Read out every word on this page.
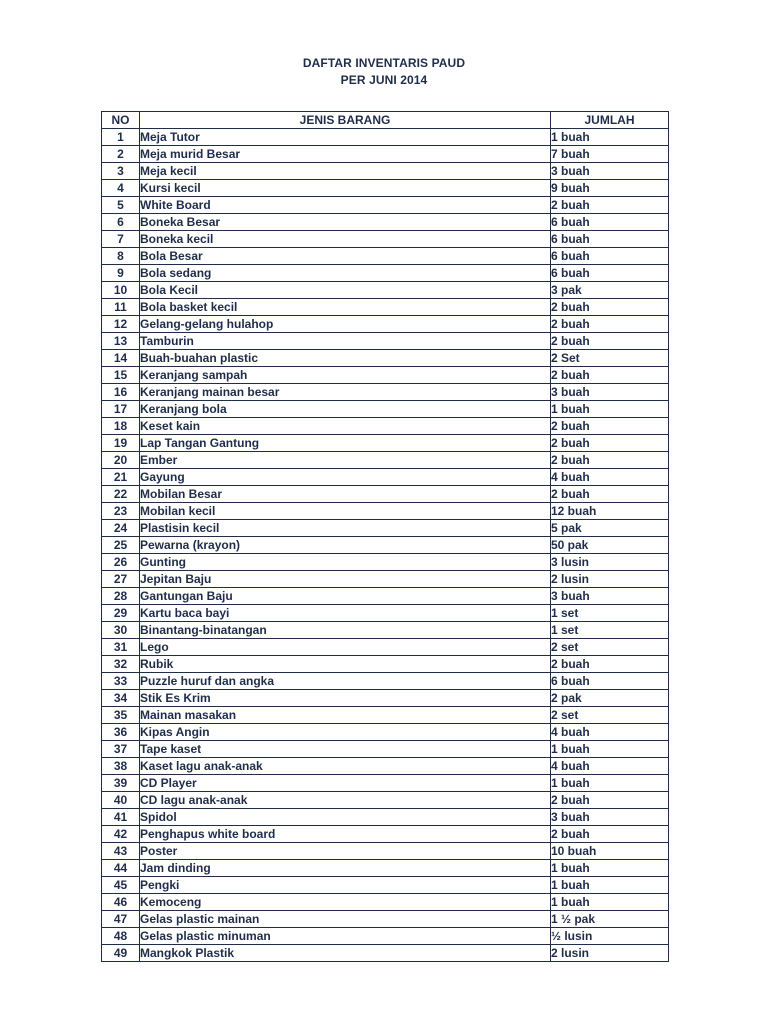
DAFTAR INVENTARIS PAUD
PER JUNI 2014
NO	JENIS BARANG	JUMLAH
1	Meja Tutor	1 buah
2	Meja murid Besar	7 buah
3	Meja kecil	3 buah
4	Kursi kecil	9 buah
5	White Board	2 buah
6	Boneka Besar	6 buah
7	Boneka kecil	6 buah
8	Bola Besar	6 buah
9	Bola sedang	6 buah
10	Bola Kecil	3 pak
11	Bola basket kecil	2 buah
12	Gelang-gelang hulahop	2 buah
13	Tamburin	2 buah
14	Buah-buahan plastic	2 Set
15	Keranjang sampah	2 buah
16	Keranjang mainan besar	3 buah
17	Keranjang bola	1 buah
18	Keset kain	2 buah
19	Lap Tangan Gantung	2 buah
20	Ember	2 buah
21	Gayung	4 buah
22	Mobilan Besar	2 buah
23	Mobilan kecil	12 buah
24	Plastisin kecil	5 pak
25	Pewarna (krayon)	50 pak
26	Gunting	3 lusin
27	Jepitan Baju	2 lusin
28	Gantungan Baju	3 buah
29	Kartu baca bayi	1 set
30	Binantang-binatangan	1 set
31	Lego	2 set
32	Rubik	2 buah
33	Puzzle huruf dan angka	6 buah
34	Stik Es Krim	2 pak
35	Mainan masakan	2 set
36	Kipas Angin	4 buah
37	Tape kaset	1 buah
38	Kaset lagu anak-anak	4 buah
39	CD Player	1 buah
40	CD lagu anak-anak	2 buah
41	Spidol	3 buah
42	Penghapus white board	2 buah
43	Poster	10 buah
44	Jam dinding	1 buah
45	Pengki	1 buah
46	Kemoceng	1 buah
47	Gelas plastic mainan	1 ½ pak
48	Gelas plastic minuman	½ lusin
49	Mangkok Plastik	2 lusin
